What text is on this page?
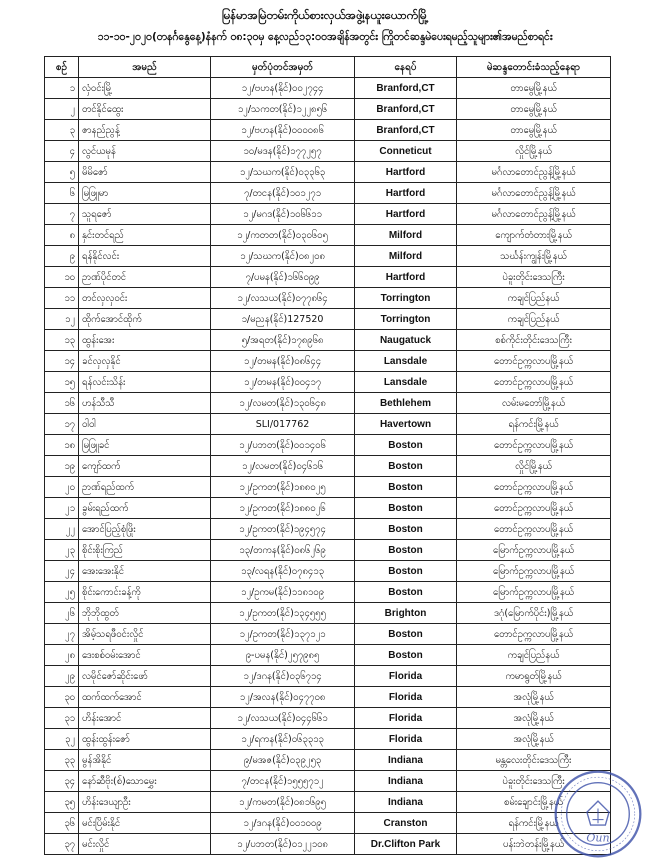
မြန်မာအမြဲတမ်းကိုယ်စားလှယ်အဖွဲ့၊နယူးယောက်မြို့
၁၁-၁၀-၂၀၂၀(တနင်္ဂနွေနေ့)နံနက် ၀၈:၃၀မှ နေ့လည်၁၃:၀၀အချိန်အတွင်း ကြိုတင်ဆန္ဒမဲပေးရမည့်သူများ၏အမည်စာရင်း
စဉ်	အမည်	မှတ်ပုံတင်အမှတ်	နေရပ်	မဲဆန္ဒတောင်းခံသည့်နေရာ
၁	လှံဝင်းမြို့	၁၂/ဗဟန(နိုင်)၀၀၂၇၄၄	Branford,CT	တာမွေမြို့နယ်
၂	တင်နိုင်ထွေး	၁၂/သကတ(နိုင်)၁၂၂၈၅၆	Branford,CT	တာမွေမြို့နယ်
၃	ဇာနည်ညွန့်	၁၂/ဗဟန(နိုင်)၀၀၀၀၈၆	Branford,CT	တာမွေမြို့နယ်
၄	လွင်ယမုန်	၁၀/မဒန(နိုင်)၁၇၇၂၅၇	Conneticut	လှိုင်မြို့နယ်
၅	မိမိဇော်	၁၂/သဃက(နိုင်)၀၃၃၆၃	Hartford	မင်္ဂလာတောင်ညွန့်မြို့နယ်
၆	မြဖြူမာ	၇/တငန(နိုင်)၁၀၁၂၇၁	Hartford	မင်္ဂလာတောင်ညွန့်မြို့နယ်
၇	သူရဇော်	၁၂/မဂဒ(နိုင်)၁၀၆၆၁၁	Hartford	မင်္ဂလာတောင်ညွန့်မြို့နယ်
၈	နှင်းတင်ရည်	၁၂/ကတတ(နိုင်)၀၃၀၆၀၅	Milford	ကျောက်တံတားမြို့နယ်
၉	ရန်နိုင်လင်း	၁၂/သဃက(နိုင်)၀၈၂၀၈	Milford	သင်္ဃန်းကျွန်းမြို့နယ်
၁၀	ဉာဏ်ပိုင်တင်	၇/ပမန(နိုင်)၁၆၆၀၉၉	Hartford	ပဲခူးတိုင်းဒေသကြီး
၁၁	တင်လှလှဝင်း	၁၂/လသယ(နိုင်)၀၇၇၈၆၄	Torrington	ကချင်ပြည်နယ်
၁၂	ထိုက်အောင်ထိုက်	၁/မညန(နိုင်)127520	Torrington	ကချင်ပြည်နယ်
၁၃	ထွန်းအေး	၅/အရတ(နိုင်)၁၇၈၉၆၈	Naugatuck	စစ်ကိုင်းတိုင်းဒေသကြီး
၁၄	ခင်လှလှနိုင်	၁၂/တမန(နိုင်)၀၈၆၄၄	Lansdale	တောင်ဥက္ကလာပမြို့နယ်
၁၅	ရန်လင်းသိန်း	၁၂/တမန(နိုင်)၀၀၄၁၇	Lansdale	တောင်ဥက္ကလာပမြို့နယ်
၁၆	ဟန်သီသီ	၁၂/လမတ(နိုင်)၁၃၀၆၄၈	Bethlehem	လမ်းမတော်မြို့နယ်
၁၇	ဝါဝါ	SLI/017762	Havertown	ရန်ကင်းမြို့နယ်
၁၈	မြဖြူခင်	၁၂/ပဘတ(နိုင်)၀၀၁၄၀၆	Boston	တောင်ဥက္ကလာပမြို့နယ်
၁၉	ကျော်ထက်	၁၂/လမတ(နိုင်)၀၄၆၁၆	Boston	လှိုင်မြို့နယ်
၂၀	ဉာဏ်ရည်ထက်	၁၂/ဥကတ(နိုင်)၁၈၈၀၂၅	Boston	တောင်ဥက္ကလာပမြို့နယ်
၂၁	ခွမ်းရည်ထက်	၁၂/ဥကတ(နိုင်)၁၈၈၀၂၆	Boston	တောင်ဥက္ကလာပမြို့နယ်
၂၂	အောင်ပြည့်စုံဖြိုး	၁၂/ဥကတ(နိုင်)၁၉၄၅၇၄	Boston	တောင်ဥက္ကလာပမြို့နယ်
၂၃	စိုင်းစိုးကြည်	၁၃/တကန(နိုင်)၀၈၆၂၆၉	Boston	မြောက်ဥက္ကလာပမြို့နယ်
၂၄	အေးအေးနိုင်	၁၃/လရန(နိုင်)၀၇၈၄၁၃	Boston	မြောက်ဥက္ကလာပမြို့နယ်
၂၅	စိုင်းကောင်းခန့်ကို	၁၂/ဥကမ(နိုင်)၁၁၈၁၀၉	Boston	မြောက်ဥက္ကလာပမြို့နယ်
၂၆	ဘိုဘိုထွတ်	၁၂/ဥကတ(နိုင်)၁၃၄၅၅၅	Brighton	ဒဂုံ(မြောက်ပိုင်း)မြို့နယ်
၂၇	အိမ့်သရဖီဝင်းလှိုင်	၁၂/ဥကတ(နိုင်)၁၃၇၁၂၁	Boston	တောင်ဥက္ကလာပမြို့နယ်
၂၈	ဒေးစစ်ဝမ်းအောင်	၉-ပမန(နိုင်)၂၅၇၉၈၅	Boston	ကချင်ပြည်နယ်
၂၉	လမိုင်ဇော်ဆိုင်းဖော်	၁၂/ဒဂန(နိုင်)၀၃၆၇၁၄	Florida	ကမာရွတ်မြို့နယ်
၃၀	ထက်ထက်အောင်	၁၂/အလန(နိုင်)၀၄၇၇၀၈	Florida	အလုံမြို့နယ်
၃၁	ဟိန်းအောင်	၁၂/လသယ(နိုင်)၀၄၄၆၆၁	Florida	အလုံမြို့နယ်
၃၂	ထွန်းထွန်းဇော်	၁၂/ရကန(နိုင်)၀၆၃၃၁၃	Florida	အလုံမြို့နယ်
၃၃	မွန်အိနိုင်	၉/မအဇ(နိုင်)၀၃၉၂၅၃	Indiana	မန္တလေးတိုင်းဒေသကြီး
၃၄	နော်ဆီဗိုး(စ်)သောမွှေး	၇/တငန(နိုင်)၁၅၅၅၇၁၂	Indiana	ပဲခူးတိုင်းဒေသကြီး
၃၅	ဟိန်းဒေယျာဦး	၁၂/ကမတ(နိုင်)၀၈၁၆၉၅	Indiana	စမ်းချောင်းမြို့နယ်
၃၆	မင်းပြိမ်းနိုင်	၁၂/ဒဂန(နိုင်)၀၀၁၀၀၉	Cranston	ရန်ကင်းမြို့နယ်
၃၇	မင်းလှိုင်	၁၂/ပဘတ(နိုင်)၀၁၂၂၁၀၈	Dr.Clifton Park	ပန်းဘဲတန်းမြို့နယ် Oun
